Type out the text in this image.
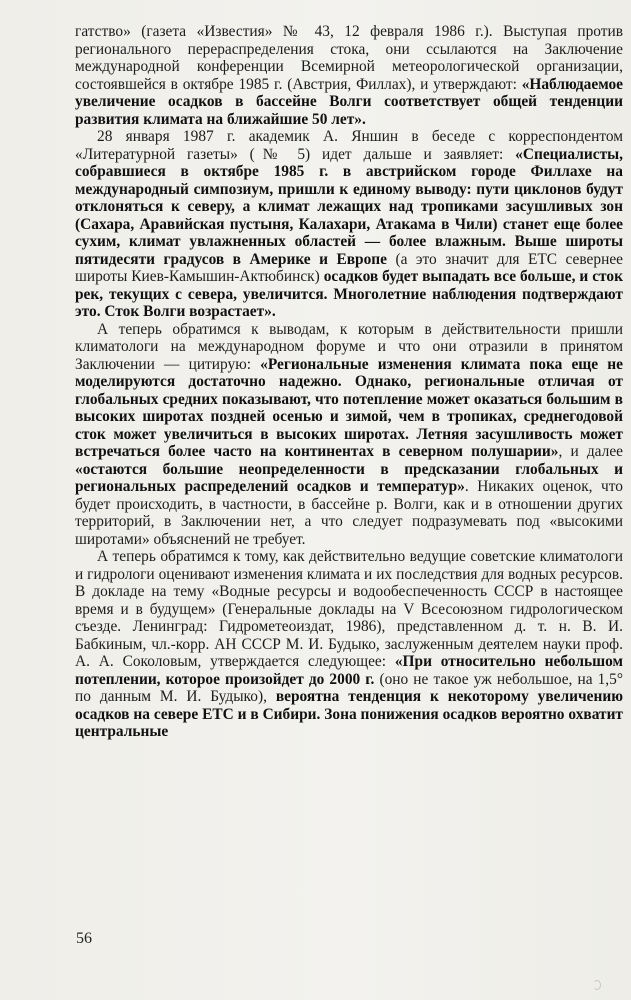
гатство» (газета «Известия» № 43, 12 февраля 1986 г.). Выступая против регионального перераспределения стока, они ссылаются на Заключение международной конференции Всемирной метеорологической организации, состоявшейся в октябре 1985 г. (Австрия, Филлах), и утверждают: «Наблюдаемое увеличение осадков в бассейне Волги соответствует общей тенденции развития климата на ближайшие 50 лет».

28 января 1987 г. академик А. Яншин в беседе с корреспондентом «Литературной газеты» (№ 5) идет дальше и заявляет: «Специалисты, собравшиеся в октябре 1985 г. в австрийском городе Филлахе на международный симпозиум, пришли к единому выводу: пути циклонов будут отклоняться к северу, а климат лежащих над тропиками засушливых зон (Сахара, Аравийская пустыня, Калахари, Атакама в Чили) станет еще более сухим, климат увлажненных областей — более влажным. Выше широты пятидесяти градусов в Америке и Европе (а это значит для ЕТС севернее широты Киев-Камышин-Актюбинск) осадков будет выпадать все больше, и сток рек, текущих с севера, увеличится. Многолетние наблюдения подтверждают это. Сток Волги возрастает».

А теперь обратимся к выводам, к которым в действительности пришли климатологи на международном форуме и что они отразили в принятом Заключении — цитирую: «Региональные изменения климата пока еще не моделируются достаточно надежно. Однако, региональные отличая от глобальных средних показывают, что потепление может оказаться большим в высоких широтах поздней осенью и зимой, чем в тропиках, среднегодовой сток может увеличиться в высоких широтах. Летняя засушливость может встречаться более часто на континентах в северном полушарии», и далее «остаются большие неопределенности в предсказании глобальных и региональных распределений осадков и температур». Никаких оценок, что будет происходить, в частности, в бассейне р. Волги, как и в отношении других территорий, в Заключении нет, а что следует подразумевать под «высокими широтами» объяснений не требует.

А теперь обратимся к тому, как действительно ведущие советские климатологи и гидрологи оценивают изменения климата и их последствия для водных ресурсов. В докладе на тему «Водные ресурсы и водообеспеченность СССР в настоящее время и в будущем» (Генеральные доклады на V Всесоюзном гидрологическом съезде. Ленинград: Гидрометеоиздат, 1986), представленном д. т. н. В. И. Бабкиным, чл.-корр. АН СССР М. И. Будыко, заслуженным деятелем науки проф. А. А. Соколовым, утверждается следующее: «При относительно небольшом потеплении, которое произойдет до 2000 г. (оно не такое уж небольшое, на 1,5° по данным М. И. Будыко), вероятна тенденция к некоторому увеличению осадков на севере ЕТС и в Сибири. Зона понижения осадков вероятно охватит центральные

56
